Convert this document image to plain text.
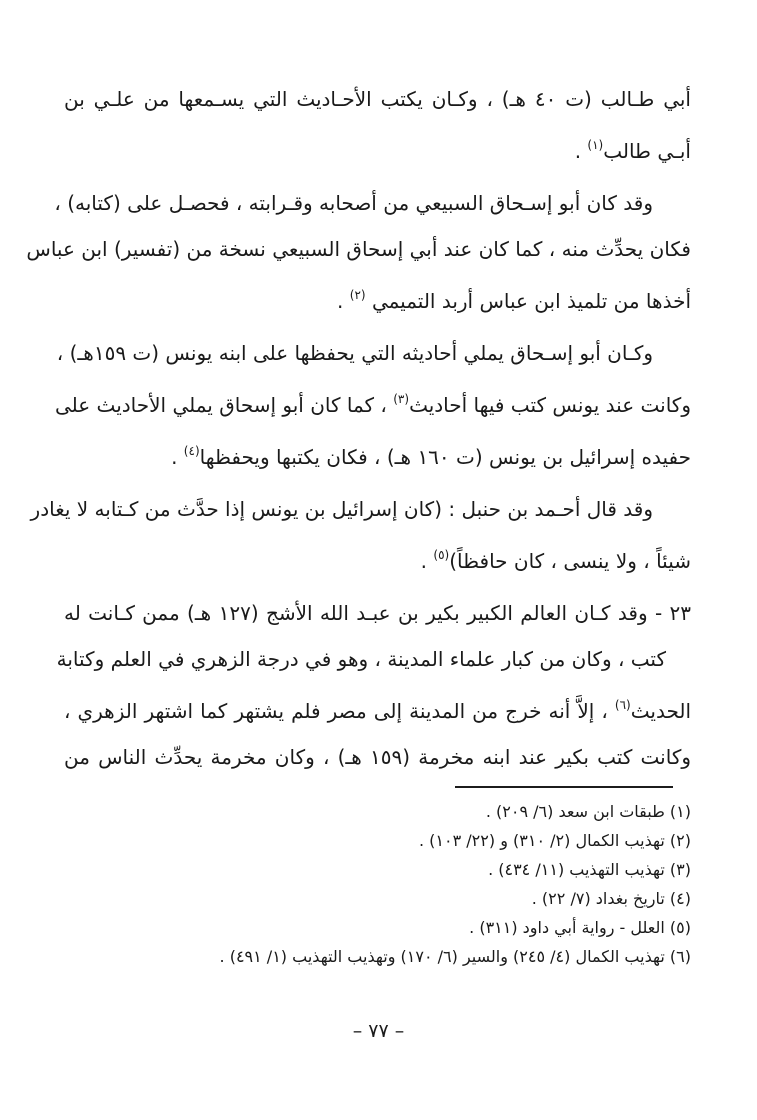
أبي طـالب (ت ٤٠ هـ) ، وكـان يكتب الأحـاديث التي يسـمعها من علـي بن
أبـي طالب$^{(١)}$ .
وقد كان أبو إسـحاق السبيعي من أصحابه وقـرابته ، فحصـل على (كتابه) ،
فكان يحدِّث منه ، كما كان عند أبي إسحاق السبيعي نسخة من (تفسير) ابن عباس
أخذها من تلميذ ابن عباس أربد التميمي $^{(٢)}$ .
وكـان أبو إسـحاق يملي أحاديثه التي يحفظها على ابنه يونس (ت ١٥٩هـ) ،
وكانت عند يونس كتب فيها أحاديث$^{(٣)}$ ، كما كان أبو إسحاق يملي الأحاديث على
حفيده إسرائيل بن يونس (ت ١٦٠ هـ) ، فكان يكتبها ويحفظها$^{(٤)}$ .
وقد قال أحـمد بن حنبل : (كان إسرائيل بن يونس إذا حدَّث من كـتابه لا يغادر
شيئاً ، ولا ينسى ، كان حافظاً)$^{(٥)}$ .
٢٣ - وقد كـان العالم الكبير بكير بن عبـد الله الأشج (١٢٧ هـ) ممن كـانت له
كتب ، وكان من كبار علماء المدينة ، وهو في درجة الزهري في العلم وكتابة
الحديث$^{(٦)}$ ، إلاَّ أنه خرج من المدينة إلى مصر فلم يشتهر كما اشتهر الزهري ،
وكانت كتب بكير عند ابنه مخرمة (١٥٩ هـ) ، وكان مخرمة يحدِّث الناس من
(١) طبقات ابن سعد (٦/ ٢٠٩) .
(٢) تهذيب الكمال (٢/ ٣١٠) و (٢٢/ ١٠٣) .
(٣) تهذيب التهذيب (١١/ ٤٣٤) .
(٤) تاريخ بغداد (٧/ ٢٢) .
(٥) العلل - رواية أبي داود (٣١١) .
(٦) تهذيب الكمال (٤/ ٢٤٥) والسير (٦/ ١٧٠) وتهذيب التهذيب (١/ ٤٩١) .
– ٧٧ –
